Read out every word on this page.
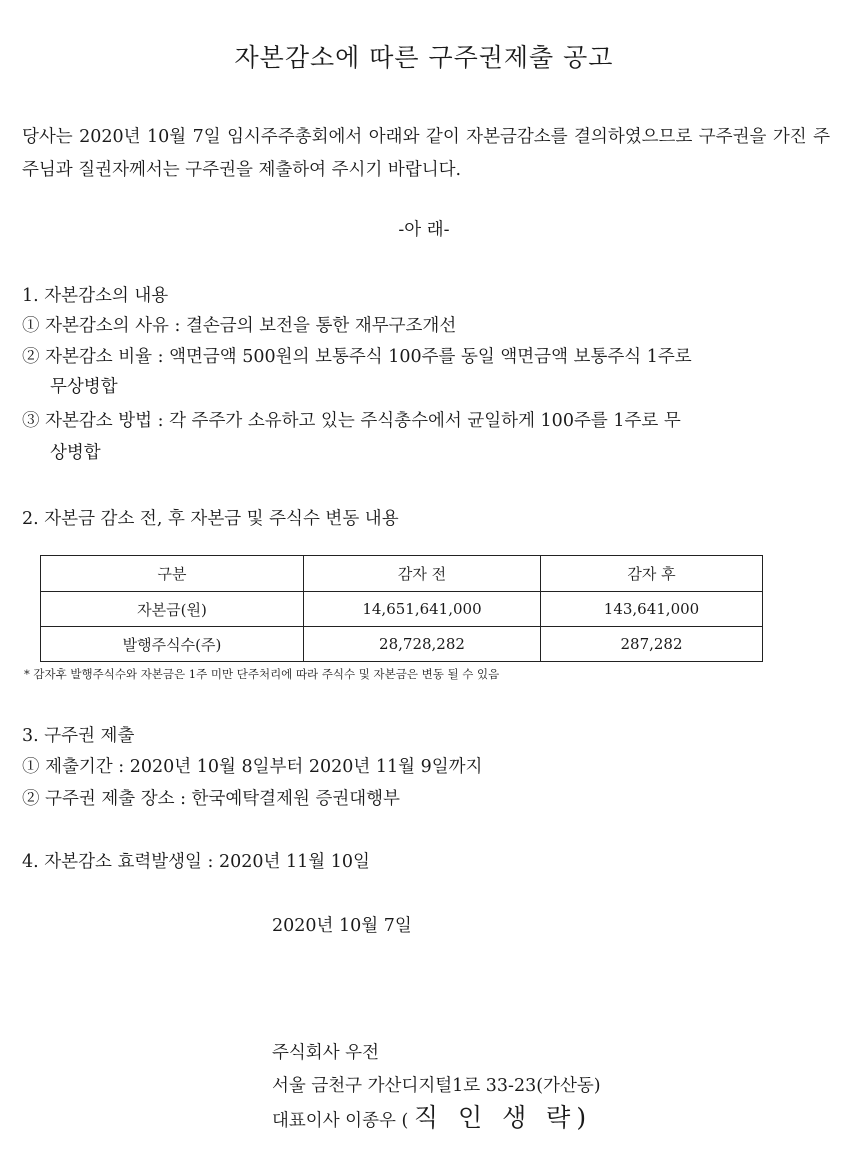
자본감소에 따른 구주권제출 공고
당사는 2020년 10월 7일 임시주주총회에서 아래와 같이 자본금감소를 결의하였으므로 구주권을 가진 주주님과 질권자께서는 구주권을 제출하여 주시기 바랍니다.
-아 래-
1. 자본감소의 내용
① 자본감소의 사유 : 결손금의 보전을 통한 재무구조개선
② 자본감소 비율 : 액면금액 500원의 보통주식 100주를 동일 액면금액 보통주식 1주로
무상병합
③ 자본감소 방법 : 각 주주가 소유하고 있는 주식총수에서 균일하게 100주를 1주로 무
상병합
2. 자본금 감소 전, 후 자본금 및 주식수 변동 내용
구분	감자 전	감자 후
자본금(원)	14,651,641,000	143,641,000
발행주식수(주)	28,728,282	287,282
* 감자후 발행주식수와 자본금은 1주 미만 단주처리에 따라 주식수 및 자본금은 변동 될 수 있음
3. 구주권 제출
① 제출기간 : 2020년 10월 8일부터 2020년 11월 9일까지
② 구주권 제출 장소 : 한국예탁결제원 증권대행부
4. 자본감소 효력발생일 : 2020년 11월 10일
2020년 10월 7일
주식회사 우전
서울 금천구 가산디지털1로 33-23(가산동)
대표이사 이종우 ( 직 인 생 략)
